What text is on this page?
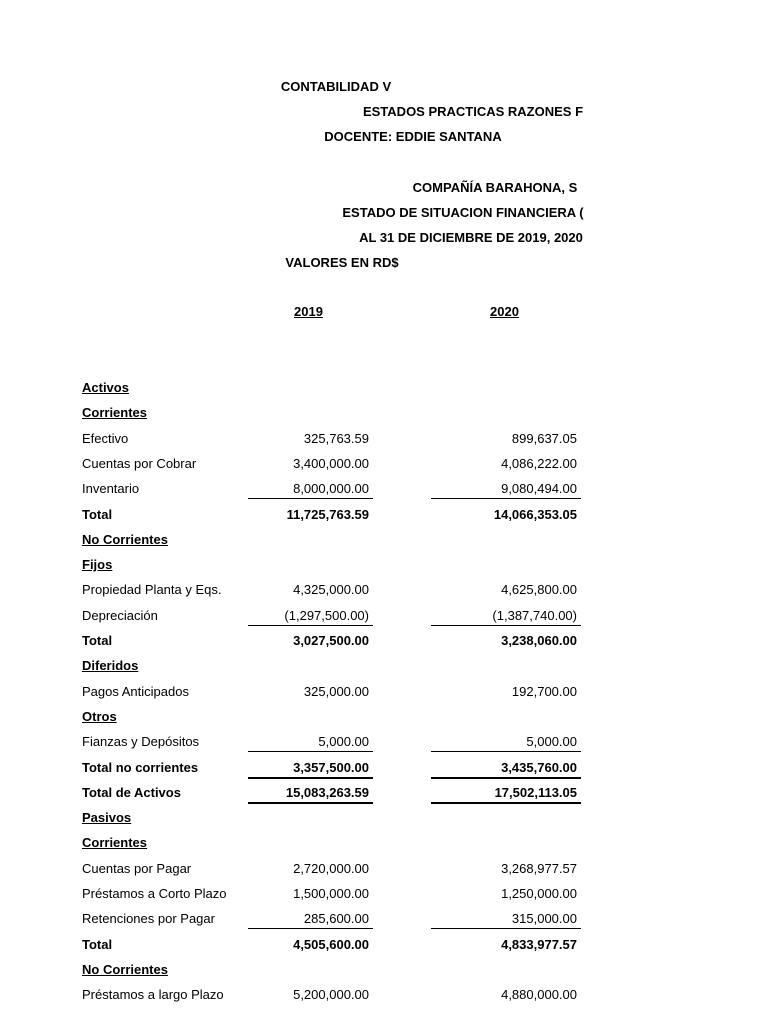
CONTABILIDAD V
ESTADOS PRACTICAS RAZONES F
DOCENTE: EDDIE SANTANA
COMPAÑÍA BARAHONA, S
ESTADO DE SITUACION FINANCIERA (
AL 31 DE DICIEMBRE DE 2019, 2020
VALORES EN RD$
2019	2020
Activos
Corrientes
Efectivo	325,763.59	899,637.05
Cuentas por Cobrar	3,400,000.00	4,086,222.00
Inventario	8,000,000.00	9,080,494.00
Total	11,725,763.59	14,066,353.05
No Corrientes
Fijos
Propiedad Planta y Eqs.	4,325,000.00	4,625,800.00
Depreciación	(1,297,500.00)	(1,387,740.00)
Total	3,027,500.00	3,238,060.00
Diferidos
Pagos Anticipados	325,000.00	192,700.00
Otros
Fianzas y Depósitos	5,000.00	5,000.00
Total no corrientes	3,357,500.00	3,435,760.00
Total de Activos	15,083,263.59	17,502,113.05
Pasivos
Corrientes
Cuentas por Pagar	2,720,000.00	3,268,977.57
Préstamos a Corto Plazo	1,500,000.00	1,250,000.00
Retenciones por Pagar	285,600.00	315,000.00
Total	4,505,600.00	4,833,977.57
No Corrientes
Préstamos a largo Plazo	5,200,000.00	4,880,000.00
